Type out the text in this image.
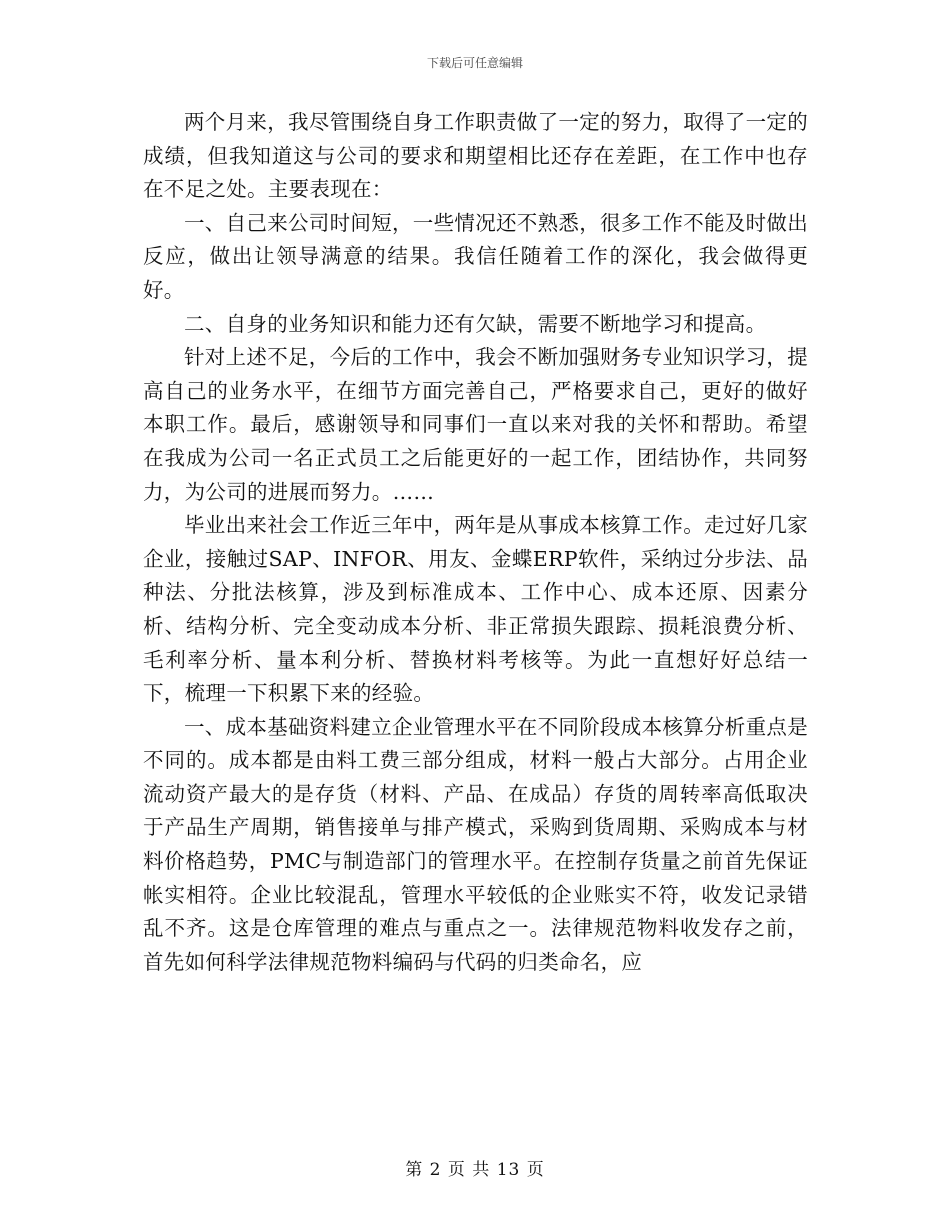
下载后可任意编辑

两个月来，我尽管围绕自身工作职责做了一定的努力，取得了一定的成绩，但我知道这与公司的要求和期望相比还存在差距，在工作中也存在不足之处。主要表现在：

一、自己来公司时间短，一些情况还不熟悉，很多工作不能及时做出反应，做出让领导满意的结果。我信任随着工作的深化，我会做得更好。

二、自身的业务知识和能力还有欠缺，需要不断地学习和提高。

针对上述不足，今后的工作中，我会不断加强财务专业知识学习，提高自己的业务水平，在细节方面完善自己，严格要求自己，更好的做好本职工作。最后，感谢领导和同事们一直以来对我的关怀和帮助。希望在我成为公司一名正式员工之后能更好的一起工作，团结协作，共同努力，为公司的进展而努力。……

毕业出来社会工作近三年中，两年是从事成本核算工作。走过好几家企业，接触过SAP、INFOR、用友、金蝶ERP软件，采纳过分步法、品种法、分批法核算，涉及到标准成本、工作中心、成本还原、因素分析、结构分析、完全变动成本分析、非正常损失跟踪、损耗浪费分析、毛利率分析、量本利分析、替换材料考核等。为此一直想好好总结一下，梳理一下积累下来的经验。

一、成本基础资料建立企业管理水平在不同阶段成本核算分析重点是不同的。成本都是由料工费三部分组成，材料一般占大部分。占用企业流动资产最大的是存货（材料、产品、在成品）存货的周转率高低取决于产品生产周期，销售接单与排产模式，采购到货周期、采购成本与材料价格趋势，PMC与制造部门的管理水平。在控制存货量之前首先保证帐实相符。企业比较混乱，管理水平较低的企业账实不符，收发记录错乱不齐。这是仓库管理的难点与重点之一。法律规范物料收发存之前，首先如何科学法律规范物料编码与代码的归类命名，应

第 2 页 共 13 页
